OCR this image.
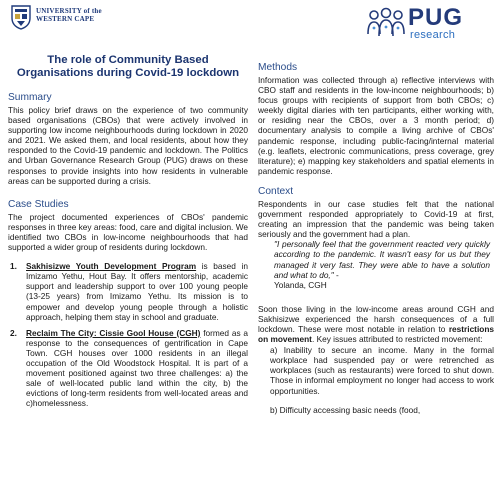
UNIVERSITY of the
WESTERN CAPE	PUG
research
The role of Community Based
Organisations during Covid-19 lockdown
Summary

This policy brief draws on the experience of two community based organisations (CBOs) that were actively involved in supporting low income neighbourhoods during lockdown in 2020 and 2021. We asked them, and local residents, about how they responded to the Covid-19 pandemic and lockdown. The Politics and Urban Governance Research Group (PUG) draws on these responses to provide insights into how residents in vulnerable areas can be supported during a crisis.

Case Studies

The project documented experiences of CBOs' pandemic responses in three key areas: food, care and digital inclusion. We identified two CBOs in low-income neighbourhoods that had supported a wider group of residents during lockdown.

1. Sakhisizwe Youth Development Program is based in Imizamo Yethu, Hout Bay. It offers mentorship, academic support and leadership support to over 100 young people (13-25 years) from Imizamo Yethu. Its mission is to empower and develop young people through a holistic approach, helping them stay in school and graduate.
2. Reclaim The City: Cissie Gool House (CGH) formed as a response to the consequences of gentrification in Cape Town. CGH houses over 1000 residents in an illegal occupation of the Old Woodstock Hospital. It is part of a movement positioned against two three challenges: a) the sale of well-located public land within the city, b) the evictions of long-term residents from well-located areas and c)homelessness.
Methods

Information was collected through a) reflective interviews with CBO staff and residents in the low-income neighbourhoods; b) focus groups with recipients of support from both CBOs; c) weekly digital diaries with ten participants, either working with, or residing near the CBOs, over a 3 month period; d) documentary analysis to compile a living archive of CBOs' pandemic response, including public-facing/internal material (e.g. leaflets, electronic communications, press coverage, grey literature); e) mapping key stakeholders and spatial elements in pandemic response.

Context

Respondents in our case studies felt that the national government responded appropriately to Covid-19 at first, creating an impression that the pandemic was being taken seriously and the government had a plan.

"I personally feel that the government reacted very quickly according to the pandemic. It wasn't easy for us but they managed it very fast. They were able to have a solution and what to do," -

Yolanda, CGH

Soon those living in the low-income areas around CGH and Sakhisizwe experienced the harsh consequences of a full lockdown. These were most notable in relation to restrictions on movement. Key issues attributed to restricted movement:

a) Inability to secure an income. Many in the formal workplace had suspended pay or were retrenched as workplaces (such as restaurants) were forced to shut down. Those in informal employment no longer had access to work opportunities.

b) Difficulty accessing basic needs (food,
